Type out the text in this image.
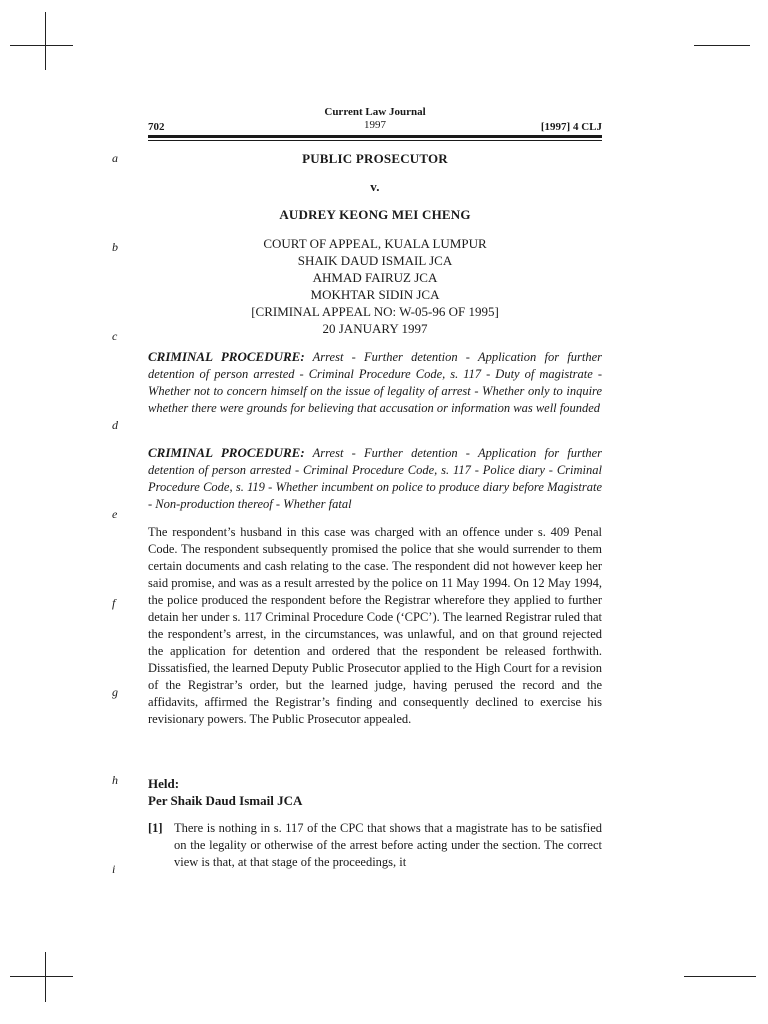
Current Law Journal
1997
702	[1997] 4 CLJ
a
b
c
d
e
f
g
h
i
PUBLIC PROSECUTOR
v.
AUDREY KEONG MEI CHENG
COURT OF APPEAL, KUALA LUMPUR
SHAIK DAUD ISMAIL JCA
AHMAD FAIRUZ JCA
MOKHTAR SIDIN JCA
[CRIMINAL APPEAL NO: W-05-96 OF 1995]
20 JANUARY 1997
CRIMINAL PROCEDURE: Arrest - Further detention - Application for further detention of person arrested - Criminal Procedure Code, s. 117 - Duty of magistrate - Whether not to concern himself on the issue of legality of arrest - Whether only to inquire whether there were grounds for believing that accusation or information was well founded
CRIMINAL PROCEDURE: Arrest - Further detention - Application for further detention of person arrested - Criminal Procedure Code, s. 117 - Police diary - Criminal Procedure Code, s. 119 - Whether incumbent on police to produce diary before Magistrate - Non-production thereof - Whether fatal
The respondent’s husband in this case was charged with an offence under s. 409 Penal Code. The respondent subsequently promised the police that she would surrender to them certain documents and cash relating to the case. The respondent did not however keep her said promise, and was as a result arrested by the police on 11 May 1994. On 12 May 1994, the police produced the respondent before the Registrar wherefore they applied to further detain her under s. 117 Criminal Procedure Code (‘CPC’). The learned Registrar ruled that the respondent’s arrest, in the circumstances, was unlawful, and on that ground rejected the application for detention and ordered that the respondent be released forthwith. Dissatisfied, the learned Deputy Public Prosecutor applied to the High Court for a revision of the Registrar’s order, but the learned judge, having perused the record and the affidavits, affirmed the Registrar’s finding and consequently declined to exercise his revisionary powers. The Public Prosecutor appealed.
Held:
Per Shaik Daud Ismail JCA
[1] There is nothing in s. 117 of the CPC that shows that a magistrate has to be satisfied on the legality or otherwise of the arrest before acting under the section. The correct view is that, at that stage of the proceedings, it
